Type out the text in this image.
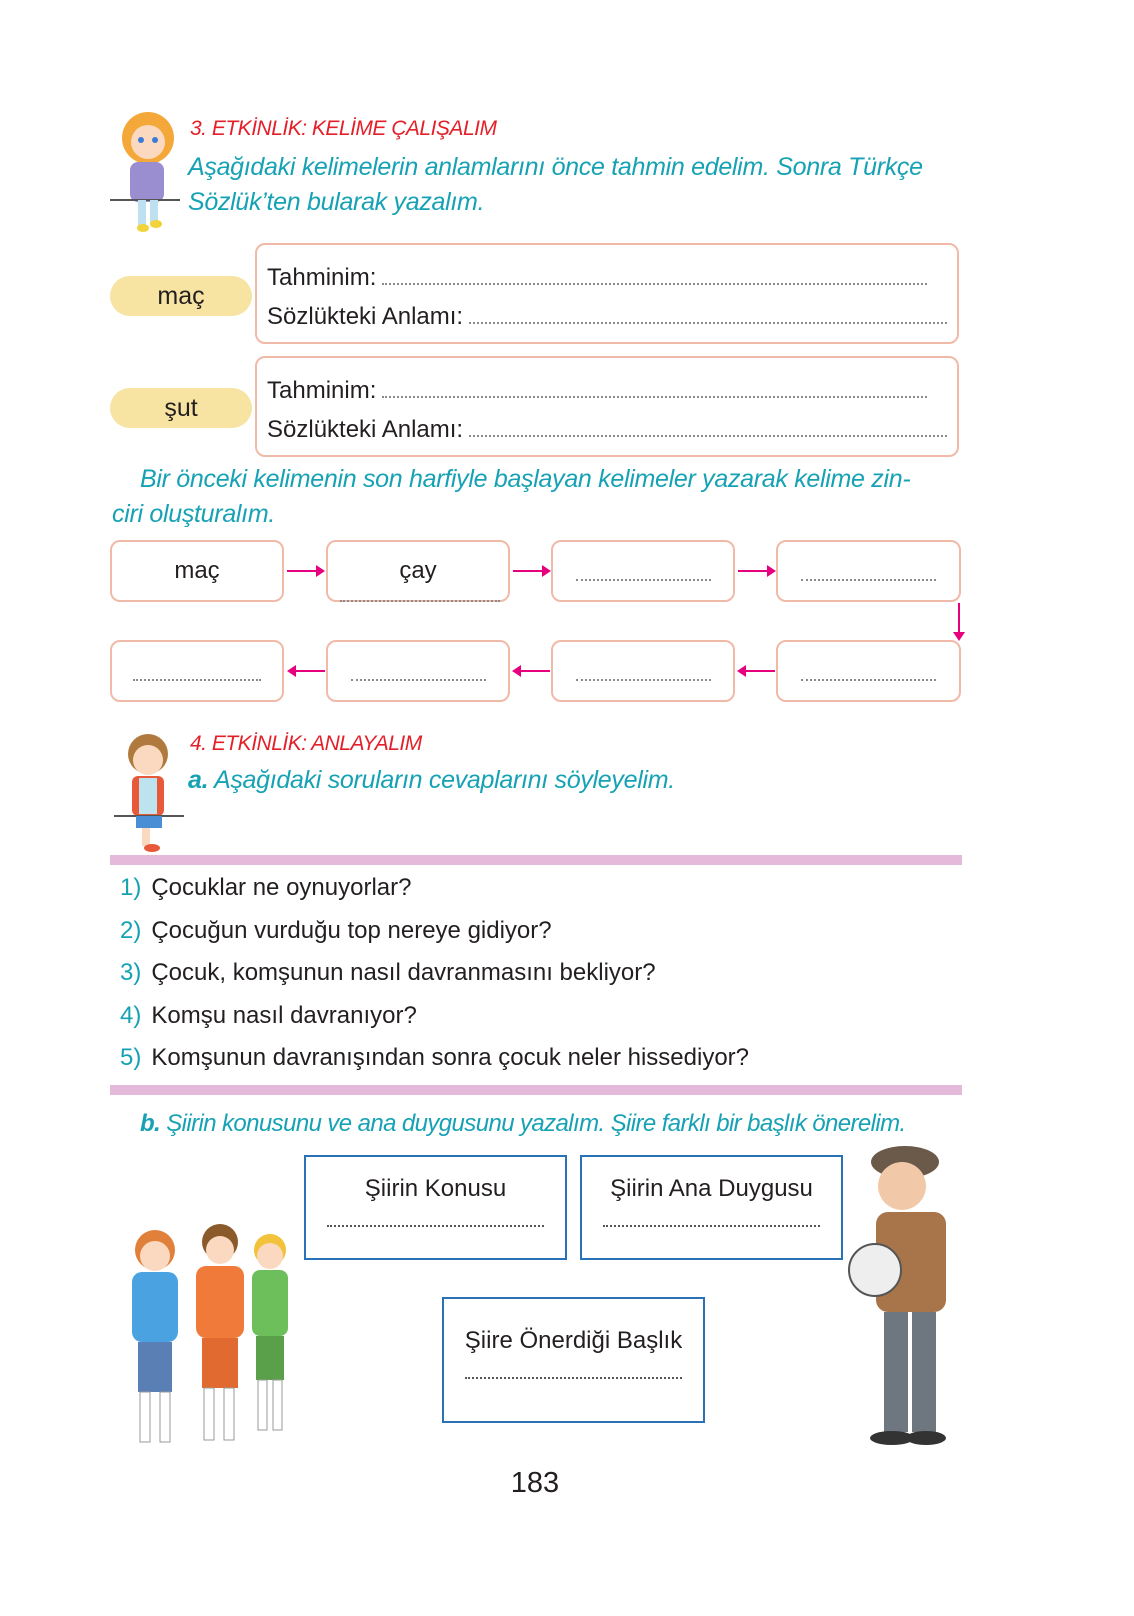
3. ETKİNLİK: KELİME ÇALIŞALIM
Aşağıdaki kelimelerin anlamlarını önce tahmin edelim. Sonra Türkçe
Sözlük’ten bularak yazalım.
maç
Tahminim:
Sözlükteki Anlamı:
şut
Tahminim:
Sözlükteki Anlamı:
Bir önceki kelimenin son harfiyle başlayan kelimeler yazarak kelime zin-
ciri oluşturalım.
maç	çay
4. ETKİNLİK: ANLAYALIM
a. Aşağıdaki soruların cevaplarını söyleyelim.
1) Çocuklar ne oynuyorlar?
2) Çocuğun vurduğu top nereye gidiyor?
3) Çocuk, komşunun nasıl davranmasını bekliyor?
4) Komşu nasıl davranıyor?
5) Komşunun davranışından sonra çocuk neler hissediyor?
b. Şiirin konusunu ve ana duygusunu yazalım. Şiire farklı bir başlık önerelim.
Şiirin Konusu	Şiirin Ana Duygusu
Şiire Önerdiği Başlık
183
